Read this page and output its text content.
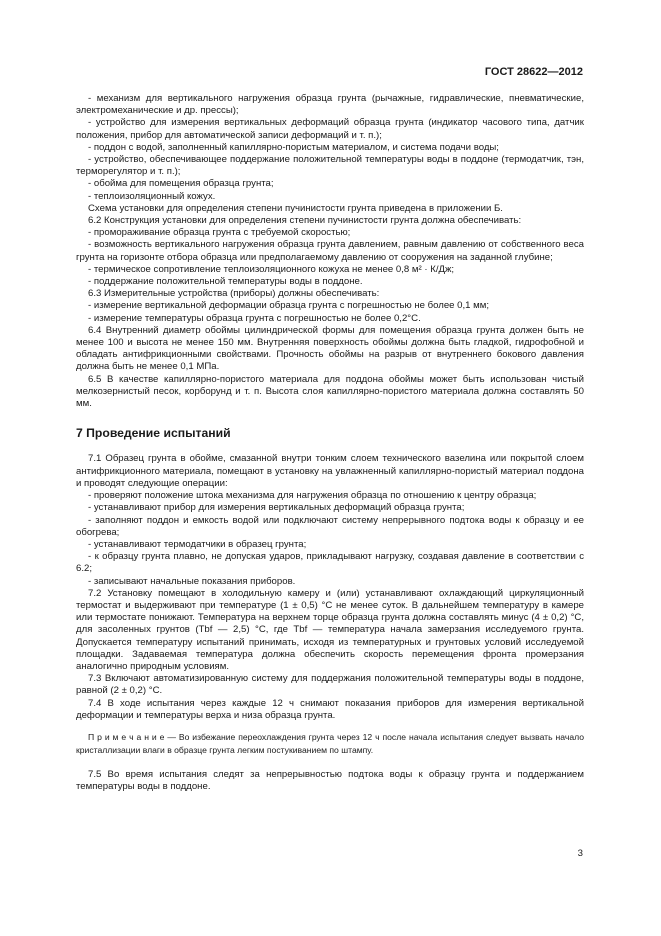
ГОСТ 28622—2012

- механизм для вертикального нагружения образца грунта (рычажные, гидравлические, пневматические, электромеханические и др. прессы);

- устройство для измерения вертикальных деформаций образца грунта (индикатор часового типа, датчик положения, прибор для автоматической записи деформаций и т. п.);

- поддон с водой, заполненный капиллярно-пористым материалом, и система подачи воды;

- устройство, обеспечивающее поддержание положительной температуры воды в поддоне (термодатчик, тэн, терморегулятор и т. п.);

- обойма для помещения образца грунта;

- теплоизоляционный кожух.

Схема установки для определения степени пучинистости грунта приведена в приложении Б.

6.2 Конструкция установки для определения степени пучинистости грунта должна обеспечивать:

- промораживание образца грунта с требуемой скоростью;

- возможность вертикального нагружения образца грунта давлением, равным давлению от собственного веса грунта на горизонте отбора образца или предполагаемому давлению от сооружения на заданной глубине;

- термическое сопротивление теплоизоляционного кожуха не менее 0,8 м² · К/Дж;

- поддержание положительной температуры воды в поддоне.

6.3 Измерительные устройства (приборы) должны обеспечивать:

- измерение вертикальной деформации образца грунта с погрешностью не более 0,1 мм;

- измерение температуры образца грунта с погрешностью не более 0,2°С.

6.4 Внутренний диаметр обоймы цилиндрической формы для помещения образца грунта должен быть не менее 100 и высота не менее 150 мм. Внутренняя поверхность обоймы должна быть гладкой, гидрофобной и обладать антифрикционными свойствами. Прочность обоймы на разрыв от внутреннего бокового давления должна быть не менее 0,1 МПа.

6.5 В качестве капиллярно-пористого материала для поддона обоймы может быть использован чистый мелкозернистый песок, корборунд и т. п. Высота слоя капиллярно-пористого материала должна составлять 50 мм.

7 Проведение испытаний

7.1 Образец грунта в обойме, смазанной внутри тонким слоем технического вазелина или покрытой слоем антифрикционного материала, помещают в установку на увлажненный капиллярно-пористый материал поддона и проводят следующие операции:

- проверяют положение штока механизма для нагружения образца по отношению к центру образца;

- устанавливают прибор для измерения вертикальных деформаций образца грунта;

- заполняют поддон и емкость водой или подключают систему непрерывного подтока воды к образцу и ее обогрева;

- устанавливают термодатчики в образец грунта;

- к образцу грунта плавно, не допуская ударов, прикладывают нагрузку, создавая давление в соответствии с 6.2;

- записывают начальные показания приборов.

7.2 Установку помещают в холодильную камеру и (или) устанавливают охлаждающий циркуляционный термостат и выдерживают при температуре (1 ± 0,5) °С не менее суток. В дальнейшем температуру в камере или термостате понижают. Температура на верхнем торце образца грунта должна составлять минус (4 ± 0,2) °С, для засоленных грунтов (Tbf — 2,5) °С, где Tbf — температура начала замерзания исследуемого грунта. Допускается температуру испытаний принимать, исходя из температурных и грунтовых условий исследуемой площадки. Задаваемая температура должна обеспечить скорость перемещения фронта промерзания аналогично природным условиям.

7.3 Включают автоматизированную систему для поддержания положительной температуры воды в поддоне, равной (2 ± 0,2) °С.

7.4 В ходе испытания через каждые 12 ч снимают показания приборов для измерения вертикальной деформации и температуры верха и низа образца грунта.

П р и м е ч а н и е — Во избежание переохлаждения грунта через 12 ч после начала испытания следует вызвать начало кристаллизации влаги в образце грунта легким постукиванием по штампу.

7.5 Во время испытания следят за непрерывностью подтока воды к образцу грунта и поддержанием температуры воды в поддоне.

3
